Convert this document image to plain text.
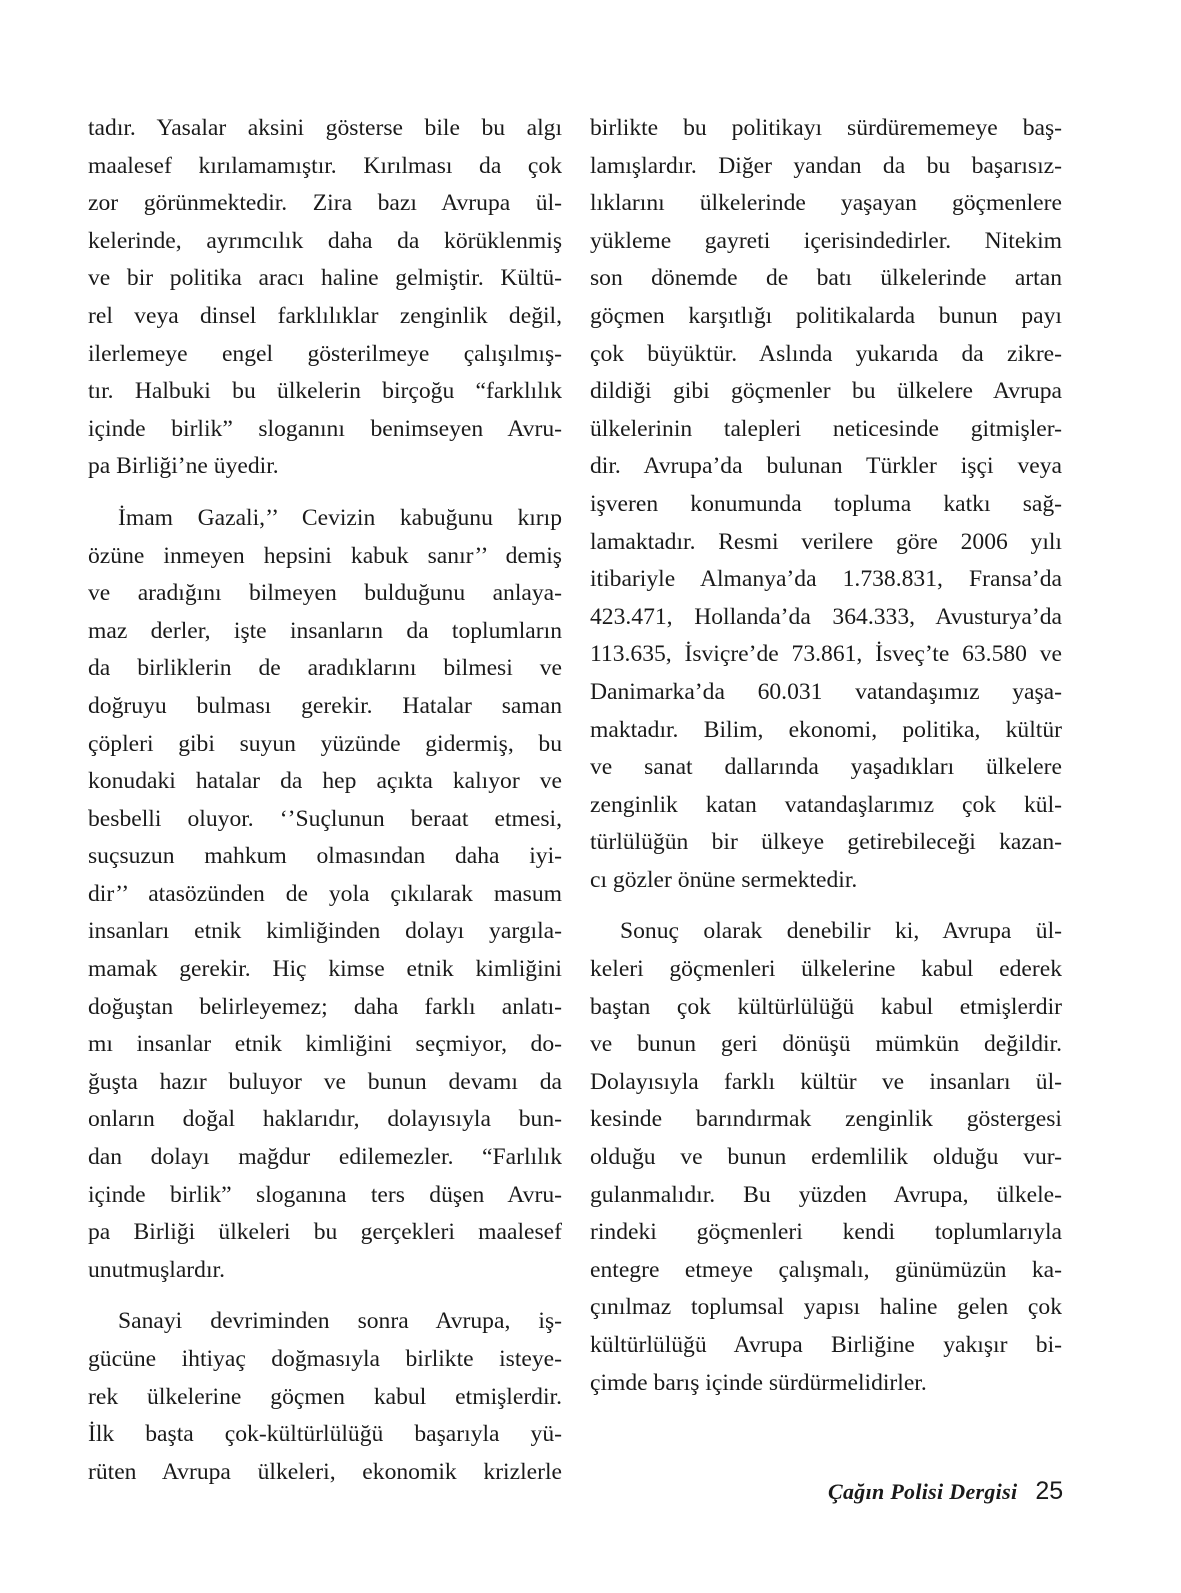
tadır. Yasalar aksini gösterse bile bu algı
maalesef kırılamamıştır. Kırılması da çok
zor görünmektedir. Zira bazı Avrupa ül-
kelerinde, ayrımcılık daha da körüklenmiş
ve bir politika aracı haline gelmiştir. Kültü-
rel veya dinsel farklılıklar zenginlik değil,
ilerlemeye engel gösterilmeye çalışılmış-
tır. Halbuki bu ülkelerin birçoğu “farklılık
içinde birlik” sloganını benimseyen Avru-
pa Birliği’ne üyedir.
İmam Gazali,’’ Cevizin kabuğunu kırıp
özüne inmeyen hepsini kabuk sanır’’ demiş
ve aradığını bilmeyen bulduğunu anlaya-
maz derler, işte insanların da toplumların
da birliklerin de aradıklarını bilmesi ve
doğruyu bulması gerekir. Hatalar saman
çöpleri gibi suyun yüzünde gidermiş, bu
konudaki hatalar da hep açıkta kalıyor ve
besbelli oluyor. ‘’Suçlunun beraat etmesi,
suçsuzun mahkum olmasından daha iyi-
dir’’ atasözünden de yola çıkılarak masum
insanları etnik kimliğinden dolayı yargıla-
mamak gerekir. Hiç kimse etnik kimliğini
doğuştan belirleyemez; daha farklı anlatı-
mı insanlar etnik kimliğini seçmiyor, do-
ğuşta hazır buluyor ve bunun devamı da
onların doğal haklarıdır, dolayısıyla bun-
dan dolayı mağdur edilemezler. “Farlılık
içinde birlik” sloganına ters düşen Avru-
pa Birliği ülkeleri bu gerçekleri maalesef
unutmuşlardır.
Sanayi devriminden sonra Avrupa, iş-
gücüne ihtiyaç doğmasıyla birlikte isteye-
rek ülkelerine göçmen kabul etmişlerdir.
İlk başta çok-kültürlülüğü başarıyla yü-
rüten Avrupa ülkeleri, ekonomik krizlerle
birlikte bu politikayı sürdürememeye baş-
lamışlardır. Diğer yandan da bu başarısız-
lıklarını ülkelerinde yaşayan göçmenlere
yükleme gayreti içerisindedirler. Nitekim
son dönemde de batı ülkelerinde artan
göçmen karşıtlığı politikalarda bunun payı
çok büyüktür. Aslında yukarıda da zikre-
dildiği gibi göçmenler bu ülkelere Avrupa
ülkelerinin talepleri neticesinde gitmişler-
dir. Avrupa’da bulunan Türkler işçi veya
işveren konumunda topluma katkı sağ-
lamaktadır. Resmi verilere göre 2006 yılı
itibariyle Almanya’da 1.738.831, Fransa’da
423.471, Hollanda’da 364.333, Avusturya’da
113.635, İsviçre’de 73.861, İsveç’te 63.580 ve
Danimarka’da 60.031 vatandaşımız yaşa-
maktadır. Bilim, ekonomi, politika, kültür
ve sanat dallarında yaşadıkları ülkelere
zenginlik katan vatandaşlarımız çok kül-
türlülüğün bir ülkeye getirebileceği kazan-
cı gözler önüne sermektedir.
Sonuç olarak denebilir ki, Avrupa ül-
keleri göçmenleri ülkelerine kabul ederek
baştan çok kültürlülüğü kabul etmişlerdir
ve bunun geri dönüşü mümkün değildir.
Dolayısıyla farklı kültür ve insanları ül-
kesinde barındırmak zenginlik göstergesi
olduğu ve bunun erdemlilik olduğu vur-
gulanmalıdır. Bu yüzden Avrupa, ülkele-
rindeki göçmenleri kendi toplumlarıyla
entegre etmeye çalışmalı, günümüzün ka-
çınılmaz toplumsal yapısı haline gelen çok
kültürlülüğü Avrupa Birliğine yakışır bi-
çimde barış içinde sürdürmelidirler.
Çağın Polisi Dergisi 25
